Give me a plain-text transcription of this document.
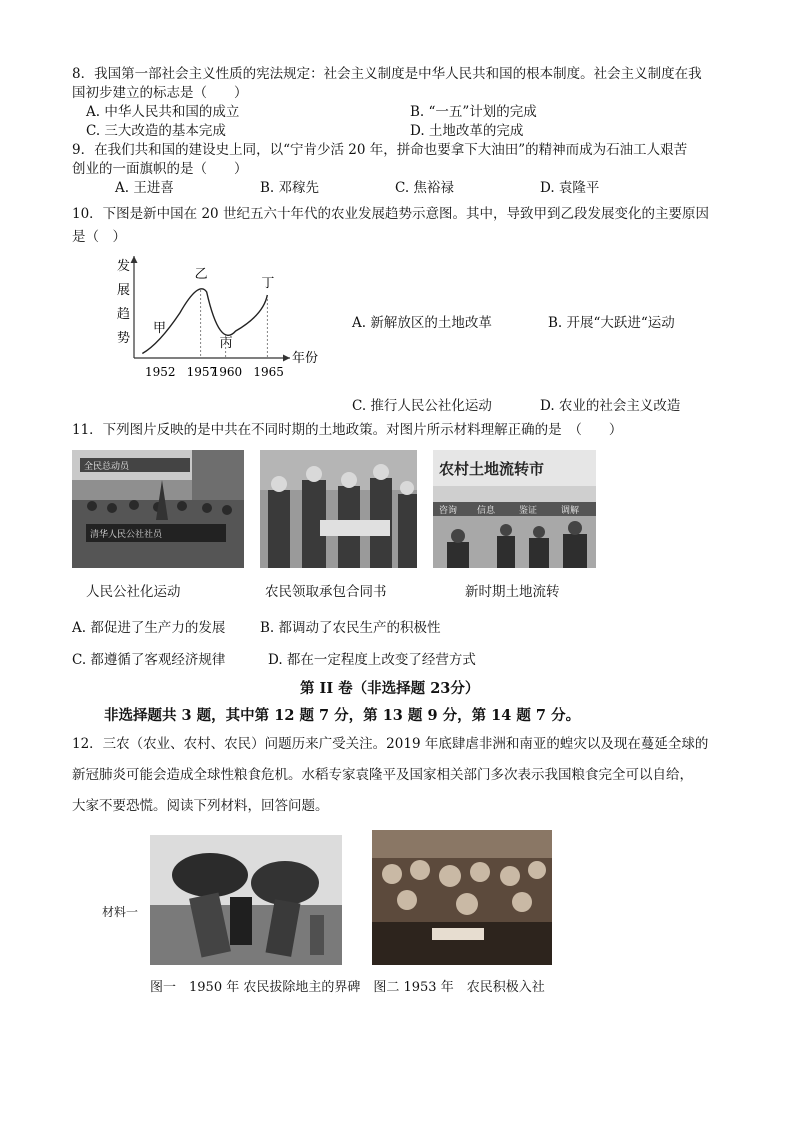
8．我国第一部社会主义性质的宪法规定：社会主义制度是中华人民共和国的根本制度。社会主义制度在我
国初步建立的标志是（　　）
A. 中华人民共和国的成立	B. “一五”计划的完成
C. 三大改造的基本完成	D. 土地改革的完成
9．在我们共和国的建设史上同，以“宁肯少活 20 年，拼命也要拿下大油田”的精神而成为石油工人艰苦
创业的一面旗帜的是（　　）
A. 王进喜	B. 邓稼先	C. 焦裕禄	D. 袁隆平
10．下图是新中国在 20 世纪五六十年代的农业发展趋势示意图。其中，导致甲到乙段发展变化的主要原因
是（　）
发
展
趋
势
年份
甲
乙
丙
丁
1952 1957
1960 1965
A. 新解放区的土地改革	B. 开展“大跃进“运动
C. 推行人民公社化运动	D. 农业的社会主义改造
11．下列图片反映的是中共在不同时期的土地政策。对图片所示材料理解正确的是　（　　）
全民总动员
清华人民公社社员
农村土地流转市
咨询 信息	鉴证	调解
人民公社化运动	农民领取承包合同书	新时期土地流转
A. 都促进了生产力的发展	B. 都调动了农民生产的积极性
C. 都遵循了客观经济规律	D. 都在一定程度上改变了经营方式
第 II 卷（非选择题 23分）
非选择题共 3 题，其中第 12 题 7 分，第 13 题 9 分，第 14 题 7 分。
12．三农（农业、农村、农民）问题历来广受关注。2019 年底肆虐非洲和南亚的蝗灾以及现在蔓延全球的
新冠肺炎可能会造成全球性粮食危机。水稻专家袁隆平及国家相关部门多次表示我国粮食完全可以自给，
大家不要恐慌。阅读下列材料，回答问题。
材料一
图一　1950 年 农民拔除地主的界碑　图二 1953 年　农民积极入社
